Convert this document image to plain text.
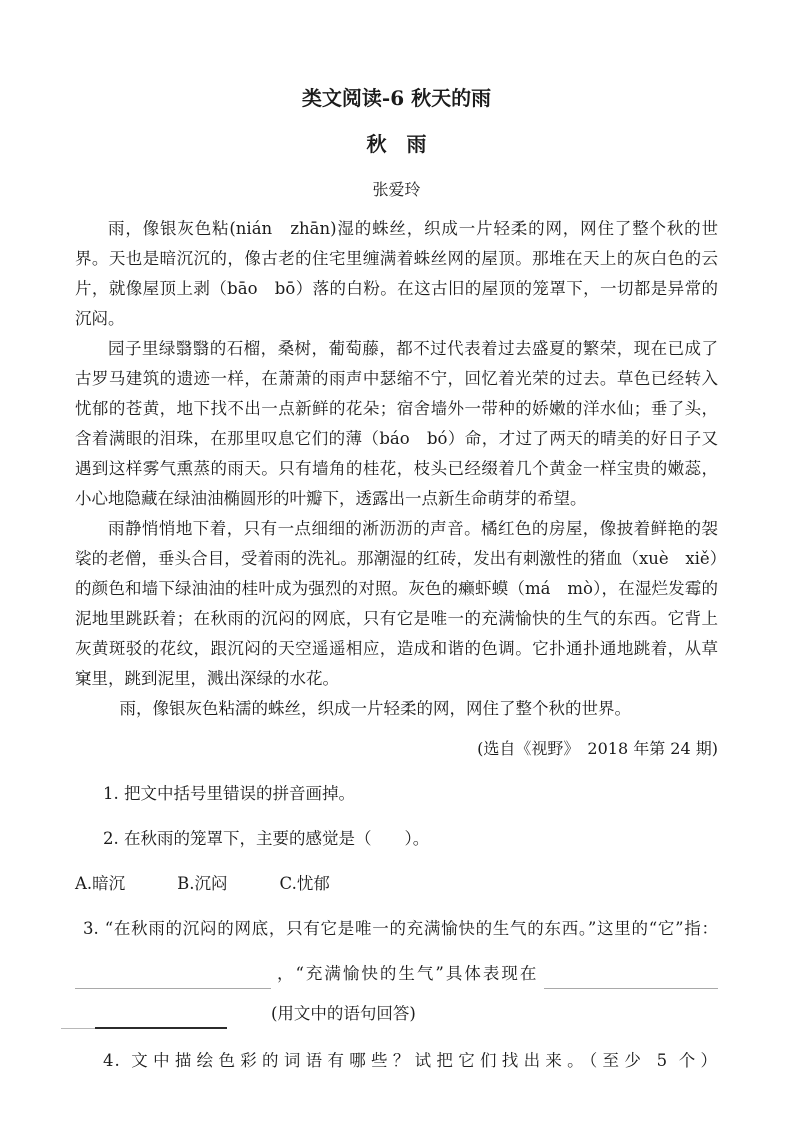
类文阅读-6 秋天的雨
秋　雨
张爱玲

雨，像银灰色粘(nián　zhān)湿的蛛丝，织成一片轻柔的网，网住了整个秋的世界。天也是暗沉沉的，像古老的住宅里缠满着蛛丝网的屋顶。那堆在天上的灰白色的云片，就像屋顶上剥（bāo　bō）落的白粉。在这古旧的屋顶的笼罩下，一切都是异常的沉闷。

园子里绿翳翳的石榴，桑树，葡萄藤，都不过代表着过去盛夏的繁荣，现在已成了古罗马建筑的遗迹一样，在萧萧的雨声中瑟缩不宁，回忆着光荣的过去。草色已经转入忧郁的苍黄，地下找不出一点新鲜的花朵；宿舍墙外一带种的娇嫩的洋水仙；垂了头，含着满眼的泪珠，在那里叹息它们的薄（báo　bó）命，才过了两天的晴美的好日子又遇到这样雾气熏蒸的雨天。只有墙角的桂花，枝头已经缀着几个黄金一样宝贵的嫩蕊，小心地隐藏在绿油油椭圆形的叶瓣下，透露出一点新生命萌芽的希望。

雨静悄悄地下着，只有一点细细的淅沥沥的声音。橘红色的房屋，像披着鲜艳的袈裟的老僧，垂头合目，受着雨的洗礼。那潮湿的红砖，发出有刺激性的猪血（xuè　xiě）的颜色和墙下绿油油的桂叶成为强烈的对照。灰色的癞虾蟆（má　mò），在湿烂发霉的泥地里跳跃着；在秋雨的沉闷的网底，只有它是唯一的充满愉快的生气的东西。它背上灰黄斑驳的花纹，跟沉闷的天空遥遥相应，造成和谐的色调。它扑通扑通地跳着，从草窠里，跳到泥里，溅出深绿的水花。

雨，像银灰色粘濡的蛛丝，织成一片轻柔的网，网住了整个秋的世界。

(选自《视野》　2018 年第 24 期)
1. 把文中括号里错误的拼音画掉。
2. 在秋雨的笼罩下，主要的感觉是（　　）。
A.暗沉	B.沉闷	C.忧郁
3. “在秋雨的沉闷的网底，只有它是唯一的充满愉快的生气的东西。”这里的“它”指：
，“充满愉快的生气”具体表现在
(用文中的语句回答)
4. 文中描绘色彩的词语有哪些？试把它们找出来。（至少 5 个）
